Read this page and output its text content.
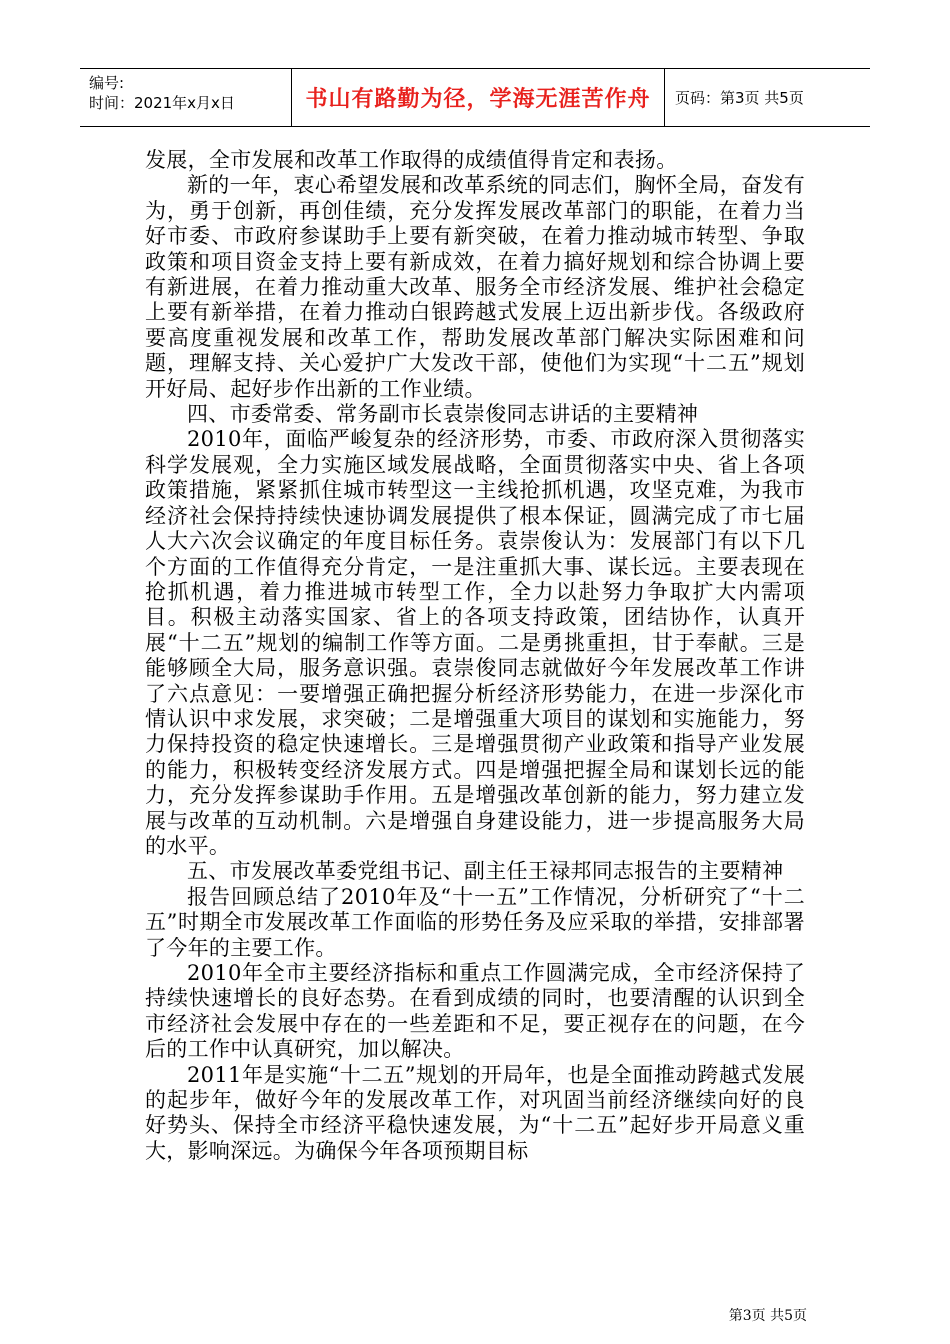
编号:
时间：2021年x月x日	书山有路勤为径，学海无涯苦作舟	页码：第3页 共5页

发展，全市发展和改革工作取得的成绩值得肯定和表扬。

新的一年，衷心希望发展和改革系统的同志们，胸怀全局，奋发有为，勇于创新，再创佳绩，充分发挥发展改革部门的职能，在着力当好市委、市政府参谋助手上要有新突破，在着力推动城市转型、争取政策和项目资金支持上要有新成效，在着力搞好规划和综合协调上要有新进展，在着力推动重大改革、服务全市经济发展、维护社会稳定上要有新举措，在着力推动白银跨越式发展上迈出新步伐。各级政府要高度重视发展和改革工作，帮助发展改革部门解决实际困难和问题，理解支持、关心爱护广大发改干部，使他们为实现“十二五”规划开好局、起好步作出新的工作业绩。

四、市委常委、常务副市长袁崇俊同志讲话的主要精神

2010年，面临严峻复杂的经济形势，市委、市政府深入贯彻落实科学发展观，全力实施区域发展战略，全面贯彻落实中央、省上各项政策措施，紧紧抓住城市转型这一主线抢抓机遇，攻坚克难，为我市经济社会保持持续快速协调发展提供了根本保证，圆满完成了市七届人大六次会议确定的年度目标任务。袁崇俊认为：发展部门有以下几个方面的工作值得充分肯定，一是注重抓大事、谋长远。主要表现在抢抓机遇，着力推进城市转型工作，全力以赴努力争取扩大内需项目。积极主动落实国家、省上的各项支持政策，团结协作，认真开展“十二五”规划的编制工作等方面。二是勇挑重担，甘于奉献。三是能够顾全大局，服务意识强。袁崇俊同志就做好今年发展改革工作讲了六点意见：一要增强正确把握分析经济形势能力，在进一步深化市情认识中求发展，求突破；二是增强重大项目的谋划和实施能力，努力保持投资的稳定快速增长。三是增强贯彻产业政策和指导产业发展的能力，积极转变经济发展方式。四是增强把握全局和谋划长远的能力，充分发挥参谋助手作用。五是增强改革创新的能力，努力建立发展与改革的互动机制。六是增强自身建设能力，进一步提高服务大局的水平。

五、市发展改革委党组书记、副主任王禄邦同志报告的主要精神

报告回顾总结了2010年及“十一五”工作情况，分析研究了“十二五”时期全市发展改革工作面临的形势任务及应采取的举措，安排部署了今年的主要工作。

2010年全市主要经济指标和重点工作圆满完成，全市经济保持了持续快速增长的良好态势。在看到成绩的同时，也要清醒的认识到全市经济社会发展中存在的一些差距和不足，要正视存在的问题，在今后的工作中认真研究，加以解决。

2011年是实施“十二五”规划的开局年，也是全面推动跨越式发展的起步年，做好今年的发展改革工作，对巩固当前经济继续向好的良好势头、保持全市经济平稳快速发展，为“十二五”起好步开局意义重大，影响深远。为确保今年各项预期目标

第3页 共5页
